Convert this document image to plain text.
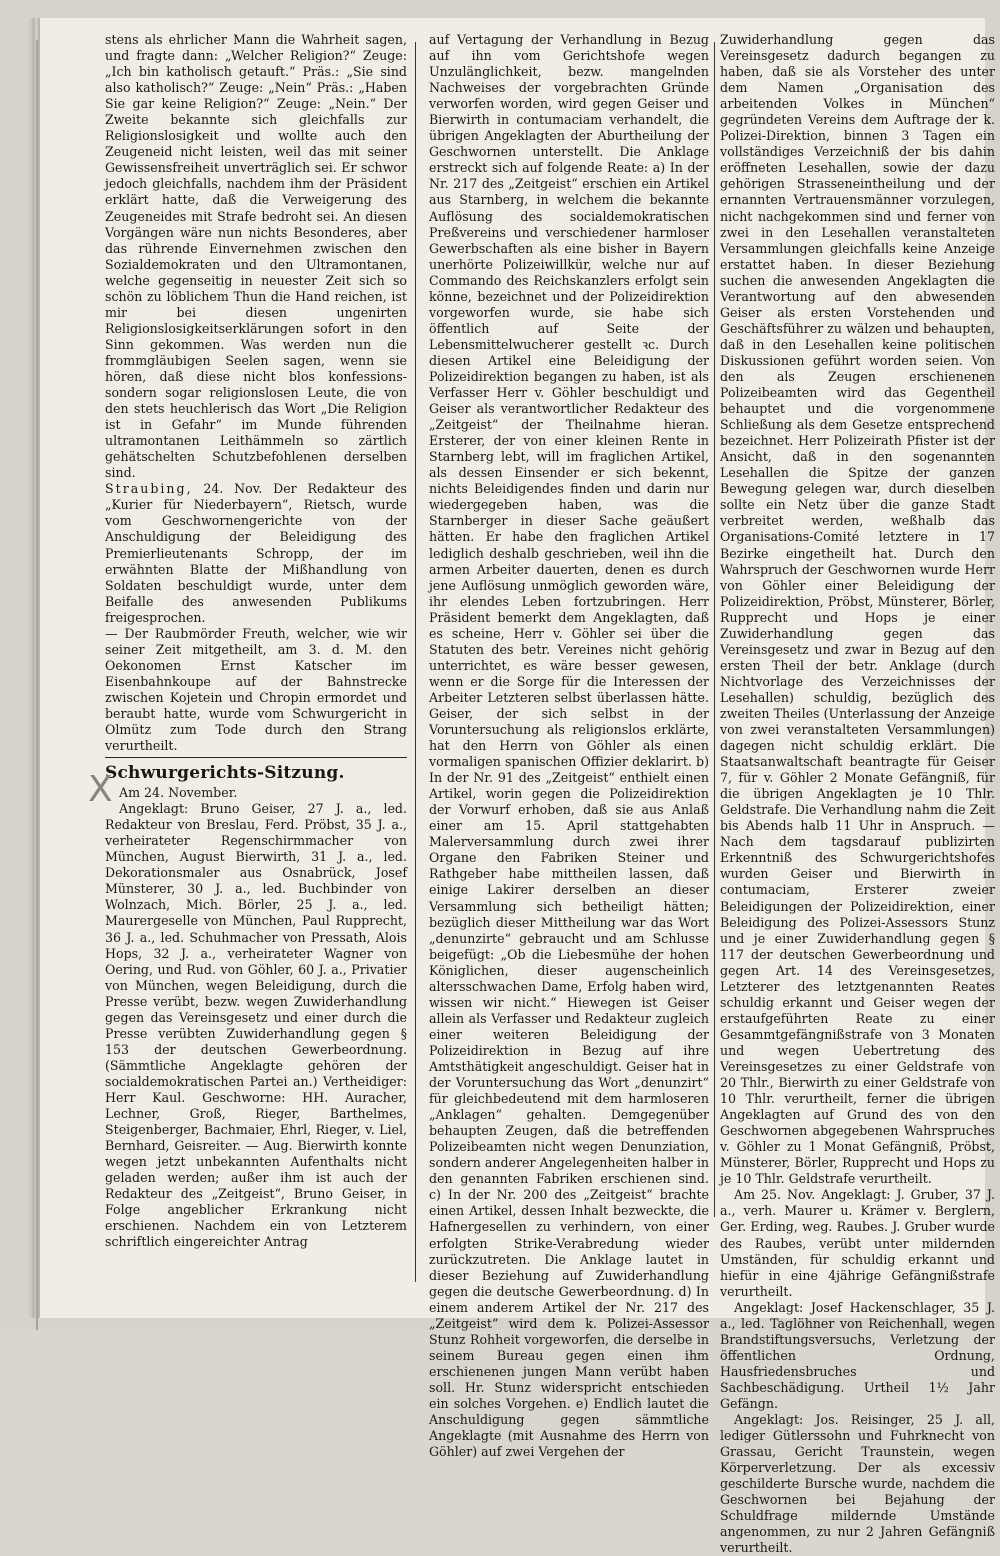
stens als ehrlicher Mann die Wahrheit sagen, und fragte dann: „Welcher Religion?“ Zeuge: „Ich bin katholisch getauft.“ Präs.: „Sie sind also katholisch?“ Zeuge: „Nein“ Präs.: „Haben Sie gar keine Religion?“ Zeuge: „Nein.“ Der Zweite bekannte sich gleichfalls zur Religionslosigkeit und wollte auch den Zeugeneid nicht leisten, weil das mit seiner Gewissensfreiheit unverträglich sei. Er schwor jedoch gleichfalls, nachdem ihm der Präsident erklärt hatte, daß die Verweigerung des Zeugeneides mit Strafe bedroht sei. An diesen Vorgängen wäre nun nichts Besonderes, aber das rührende Einvernehmen zwischen den Sozialdemokraten und den Ultramontanen, welche gegenseitig in neuester Zeit sich so schön zu löblichem Thun die Hand reichen, ist mir bei diesen ungenirten Religionslosigkeitserklärungen sofort in den Sinn gekommen. Was werden nun die frommgläubigen Seelen sagen, wenn sie hören, daß diese nicht blos konfessions- sondern sogar religionslosen Leute, die von den stets heuchlerisch das Wort „Die Religion ist in Gefahr“ im Munde führenden ultramontanen Leithämmeln so zärtlich gehätschelten Schutzbefohlenen derselben sind.

Straubing, 24. Nov. Der Redakteur des „Kurier für Niederbayern“, Rietsch, wurde vom Geschwornengerichte von der Anschuldigung der Beleidigung des Premierlieutenants Schropp, der im erwähnten Blatte der Mißhandlung von Soldaten beschuldigt wurde, unter dem Beifalle des anwesenden Publikums freigesprochen.

— Der Raubmörder Freuth, welcher, wie wir seiner Zeit mitgetheilt, am 3. d. M. den Oekonomen Ernst Katscher im Eisenbahnkoupe auf der Bahnstrecke zwischen Kojetein und Chropin ermordet und beraubt hatte, wurde vom Schwurgericht in Olmütz zum Tode durch den Strang verurtheilt.

Schwurgerichts-Sitzung.

Am 24. November.

Angeklagt: Bruno Geiser, 27 J. a., led. Redakteur von Breslau, Ferd. Pröbst, 35 J. a., verheirateter Regenschirmmacher von München, August Bierwirth, 31 J. a., led. Dekorationsmaler aus Osnabrück, Josef Münsterer, 30 J. a., led. Buchbinder von Wolnzach, Mich. Börler, 25 J. a., led. Maurergeselle von München, Paul Rupprecht, 36 J. a., led. Schuhmacher von Pressath, Alois Hops, 32 J. a., verheirateter Wagner von Oering, und Rud. von Göhler, 60 J. a., Privatier von München, wegen Beleidigung, durch die Presse verübt, bezw. wegen Zuwiderhandlung gegen das Vereinsgesetz und einer durch die Presse verübten Zuwiderhandlung gegen § 153 der deutschen Gewerbeordnung. (Sämmtliche Angeklagte gehören der socialdemokratischen Partei an.) Vertheidiger: Herr Kaul. Geschworne: HH. Auracher, Lechner, Groß, Rieger, Barthelmes, Steigenberger, Bachmaier, Ehrl, Rieger, v. Liel, Bernhard, Geisreiter. — Aug. Bierwirth konnte wegen jetzt unbekannten Aufenthalts nicht geladen werden; außer ihm ist auch der Redakteur des „Zeitgeist“, Bruno Geiser, in Folge angeblicher Erkrankung nicht erschienen. Nachdem ein von Letzterem schriftlich eingereichter Antrag

auf Vertagung der Verhandlung in Bezug auf ihn vom Gerichtshofe wegen Unzulänglichkeit, bezw. mangelnden Nachweises der vorgebrachten Gründe verworfen worden, wird gegen Geiser und Bierwirth in contumaciam verhandelt, die übrigen Angeklagten der Aburtheilung der Geschwornen unterstellt. Die Anklage erstreckt sich auf folgende Reate: a) In der Nr. 217 des „Zeitgeist“ erschien ein Artikel aus Starnberg, in welchem die bekannte Auflösung des socialdemokratischen Preßvereins und verschiedener harmloser Gewerbschaften als eine bisher in Bayern unerhörte Polizeiwillkür, welche nur auf Commando des Reichskanzlers erfolgt sein könne, bezeichnet und der Polizeidirektion vorgeworfen wurde, sie habe sich öffentlich auf Seite der Lebensmittelwucherer gestellt ꝛc. Durch diesen Artikel eine Beleidigung der Polizeidirektion begangen zu haben, ist als Verfasser Herr v. Göhler beschuldigt und Geiser als verantwortlicher Redakteur des „Zeitgeist“ der Theilnahme hieran. Ersterer, der von einer kleinen Rente in Starnberg lebt, will im fraglichen Artikel, als dessen Einsender er sich bekennt, nichts Beleidigendes finden und darin nur wiedergegeben haben, was die Starnberger in dieser Sache geäußert hätten. Er habe den fraglichen Artikel lediglich deshalb geschrieben, weil ihn die armen Arbeiter dauerten, denen es durch jene Auflösung unmöglich geworden wäre, ihr elendes Leben fortzubringen. Herr Präsident bemerkt dem Angeklagten, daß es scheine, Herr v. Göhler sei über die Statuten des betr. Vereines nicht gehörig unterrichtet, es wäre besser gewesen, wenn er die Sorge für die Interessen der Arbeiter Letzteren selbst überlassen hätte. Geiser, der sich selbst in der Voruntersuchung als religionslos erklärte, hat den Herrn von Göhler als einen vormaligen spanischen Offizier deklarirt. b) In der Nr. 91 des „Zeitgeist“ enthielt einen Artikel, worin gegen die Polizeidirektion der Vorwurf erhoben, daß sie aus Anlaß einer am 15. April stattgehabten Malerversammlung durch zwei ihrer Organe den Fabriken Steiner und Rathgeber habe mittheilen lassen, daß einige Lakirer derselben an dieser Versammlung sich betheiligt hätten; bezüglich dieser Mittheilung war das Wort „denunzirte“ gebraucht und am Schlusse beigefügt: „Ob die Liebesmühe der hohen Königlichen, dieser augenscheinlich altersschwachen Dame, Erfolg haben wird, wissen wir nicht.“ Hiewegen ist Geiser allein als Verfasser und Redakteur zugleich einer weiteren Beleidigung der Polizeidirektion in Bezug auf ihre Amtsthätigkeit angeschuldigt. Geiser hat in der Voruntersuchung das Wort „denunzirt“ für gleichbedeutend mit dem harmloseren „Anklagen“ gehalten. Demgegenüber behaupten Zeugen, daß die betreffenden Polizeibeamten nicht wegen Denunziation, sondern anderer Angelegenheiten halber in den genannten Fabriken erschienen sind. c) In der Nr. 200 des „Zeitgeist“ brachte einen Artikel, dessen Inhalt bezweckte, die Hafnergesellen zu verhindern, von einer erfolgten Strike-Verabredung wieder zurückzutreten. Die Anklage lautet in dieser Beziehung auf Zuwiderhandlung gegen die deutsche Gewerbeordnung. d) In einem anderem Artikel der Nr. 217 des „Zeitgeist“ wird dem k. Polizei-Assessor Stunz Rohheit vorgeworfen, die derselbe in seinem Bureau gegen einen ihm erschienenen jungen Mann verübt haben soll. Hr. Stunz widerspricht entschieden ein solches Vorgehen. e) Endlich lautet die Anschuldigung gegen sämmtliche Angeklagte (mit Ausnahme des Herrn von Göhler) auf zwei Vergehen der

Zuwiderhandlung gegen das Vereinsgesetz dadurch begangen zu haben, daß sie als Vorsteher des unter dem Namen „Organisation des arbeitenden Volkes in München“ gegründeten Vereins dem Auftrage der k. Polizei-Direktion, binnen 3 Tagen ein vollständiges Verzeichniß der bis dahin eröffneten Lesehallen, sowie der dazu gehörigen Strasseneintheilung und der ernannten Vertrauensmänner vorzulegen, nicht nachgekommen sind und ferner von zwei in den Lesehallen veranstalteten Versammlungen gleichfalls keine Anzeige erstattet haben. In dieser Beziehung suchen die anwesenden Angeklagten die Verantwortung auf den abwesenden Geiser als ersten Vorstehenden und Geschäftsführer zu wälzen und behaupten, daß in den Lesehallen keine politischen Diskussionen geführt worden seien. Von den als Zeugen erschienenen Polizeibeamten wird das Gegentheil behauptet und die vorgenommene Schließung als dem Gesetze entsprechend bezeichnet. Herr Polizeirath Pfister ist der Ansicht, daß in den sogenannten Lesehallen die Spitze der ganzen Bewegung gelegen war, durch dieselben sollte ein Netz über die ganze Stadt verbreitet werden, weßhalb das Organisations-Comité letztere in 17 Bezirke eingetheilt hat. Durch den Wahrspruch der Geschwornen wurde Herr von Göhler einer Beleidigung der Polizeidirektion, Pröbst, Münsterer, Börler, Rupprecht und Hops je einer Zuwiderhandlung gegen das Vereinsgesetz und zwar in Bezug auf den ersten Theil der betr. Anklage (durch Nichtvorlage des Verzeichnisses der Lesehallen) schuldig, bezüglich des zweiten Theiles (Unterlassung der Anzeige von zwei veranstalteten Versammlungen) dagegen nicht schuldig erklärt. Die Staatsanwaltschaft beantragte für Geiser 7, für v. Göhler 2 Monate Gefängniß, für die übrigen Angeklagten je 10 Thlr. Geldstrafe. Die Verhandlung nahm die Zeit bis Abends halb 11 Uhr in Anspruch. — Nach dem tagsdarauf publizirten Erkenntniß des Schwurgerichtshofes wurden Geiser und Bierwirth in contumaciam, Ersterer zweier Beleidigungen der Polizeidirektion, einer Beleidigung des Polizei-Assessors Stunz und je einer Zuwiderhandlung gegen § 117 der deutschen Gewerbeordnung und gegen Art. 14 des Vereinsgesetzes, Letzterer des letztgenannten Reates schuldig erkannt und Geiser wegen der erstaufgeführten Reate zu einer Gesammtgefängnißstrafe von 3 Monaten und wegen Uebertretung des Vereinsgesetzes zu einer Geldstrafe von 20 Thlr., Bierwirth zu einer Geldstrafe von 10 Thlr. verurtheilt, ferner die übrigen Angeklagten auf Grund des von den Geschwornen abgegebenen Wahrspruches v. Göhler zu 1 Monat Gefängniß, Pröbst, Münsterer, Börler, Rupprecht und Hops zu je 10 Thlr. Geldstrafe verurtheilt.

Am 25. Nov. Angeklagt: J. Gruber, 37 J. a., verh. Maurer u. Krämer v. Berglern, Ger. Erding, weg. Raubes. J. Gruber wurde des Raubes, verübt unter mildernden Umständen, für schuldig erkannt und hiefür in eine 4jährige Gefängnißstrafe verurtheilt.

Angeklagt: Josef Hackenschlager, 35 J. a., led. Taglöhner von Reichenhall, wegen Brandstiftungsversuchs, Verletzung der öffentlichen Ordnung, Hausfriedensbruches und Sachbeschädigung. Urtheil 1½ Jahr Gefängn.

Angeklagt: Jos. Reisinger, 25 J. all, lediger Gütlerssohn und Fuhrknecht von Grassau, Gericht Traunstein, wegen Körperverletzung. Der als excessiv geschilderte Bursche wurde, nachdem die Geschwornen bei Bejahung der Schuldfrage mildernde Umstände angenommen, zu nur 2 Jahren Gefängniß verurtheilt.

X
